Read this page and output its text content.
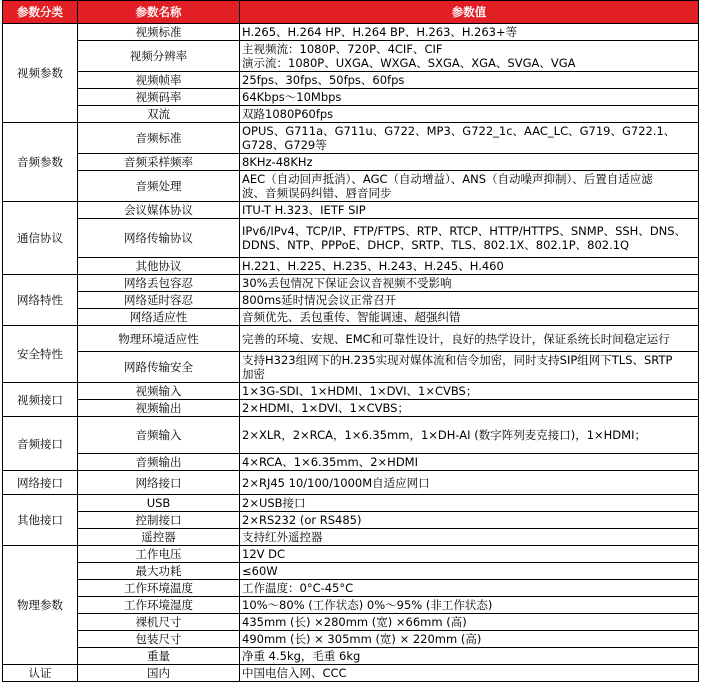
参数分类	参数名称	参数值
视频参数	视频标准	H.265、H.264 HP、H.264 BP、H.263、H.263+等
	视频分辨率	主视频流：1080P、720P、4CIF、CIF
演示流：1080P、UXGA、WXGA、SXGA、XGA、SVGA、VGA
	视频帧率	25fps、30fps、50fps、60fps
	视频码率	64Kbps～10Mbps
	双流	双路1080P60fps
音频参数	音频标准	OPUS、G711a、G711u、G722、MP3、G722_1c、AAC_LC、G719、G722.1、
G728、G729等
	音频采样频率	8KHz-48KHz
	音频处理	AEC（自动回声抵消）、AGC（自动增益）、ANS（自动噪声抑制）、后置自适应滤
波、音频误码纠错、唇音同步
通信协议	会议媒体协议	ITU-T H.323、IETF SIP
	网络传输协议	IPv6/IPv4、TCP/IP、FTP/FTPS、RTP、RTCP、HTTP/HTTPS、SNMP、SSH、DNS、
DDNS、NTP、PPPoE、DHCP、SRTP、TLS、802.1X、802.1P、802.1Q
	其他协议	H.221、H.225、H.235、H.243、H.245、H.460
网络特性	网络丢包容忍	30%丢包情况下保证会议音视频不受影响
	网络延时容忍	800ms延时情况会议正常召开
	网络适应性	音频优先、丢包重传、智能调速、超强纠错
安全特性	物理环境适应性	完善的环境、安规、EMC和可靠性设计，良好的热学设计，保证系统长时间稳定运行
	网路传输安全	支持H323组网下的H.235实现对媒体流和信令加密，同时支持SIP组网下TLS、SRTP
加密
视频接口	视频输入	1×3G-SDI、1×HDMI、1×DVI、1×CVBS；
	视频输出	2×HDMI、1×DVI、1×CVBS；
音频接口	音频输入	2×XLR，2×RCA，1×6.35mm，1×DH-AI (数字阵列麦克接口)，1×HDMI；
	音频输出	4×RCA、1×6.35mm、2×HDMI
网络接口	网络接口	2×RJ45 10/100/1000M自适应网口
其他接口	USB	2×USB接口
	控制接口	2×RS232 (or RS485)
	遥控器	支持红外遥控器
物理参数	工作电压	12V DC
	最大功耗	≤60W
	工作环境温度	工作温度：0°C-45°C
	工作环境湿度	10%～80% (工作状态) 0%～95% (非工作状态)
	裸机尺寸	435mm (长) ×280mm (宽) ×66mm (高)
	包装尺寸	490mm (长) × 305mm (宽) × 220mm (高)
	重量	净重 4.5kg，毛重 6kg
认证	国内	中国电信入网、CCC
